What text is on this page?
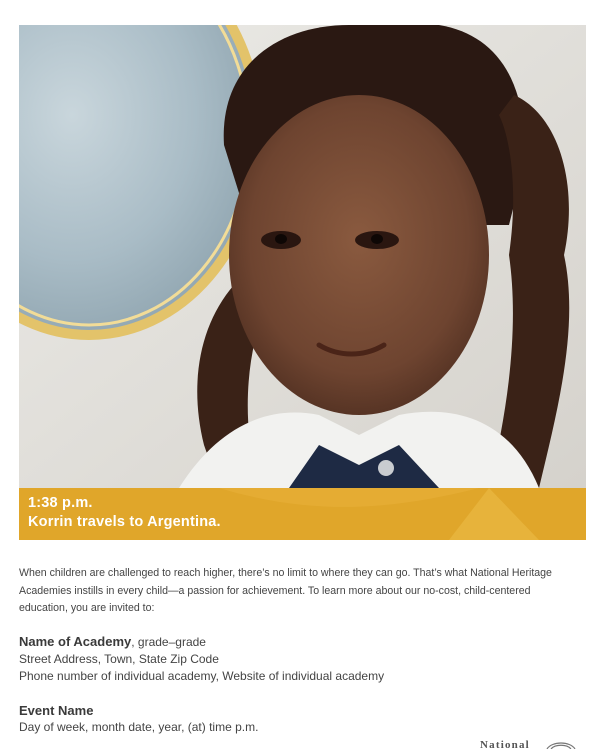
1:38 p.m.
Korrin travels to Argentina.
When children are challenged to reach higher, there’s no limit to where they can go. That’s what National Heritage Academies instills in every child—a passion for achievement. To learn more about our no-cost, child-centered education, you are invited to:
Name of Academy, grade–grade
Street Address, Town, State Zip Code
Phone number of individual academy, Website of individual academy
Event Name
Day of week, month date, year, (at) time p.m.
National
